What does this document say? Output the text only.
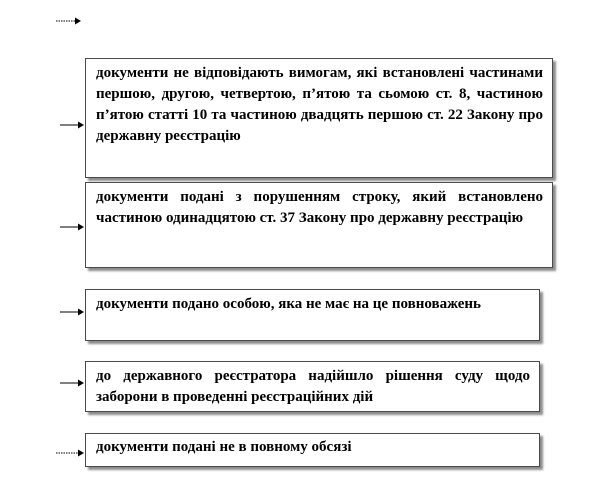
документи не відповідають вимогам, які встановлені частинами першою, другою, четвертою, п’ятою та сьомою ст. 8, частиною п’ятою статті 10 та частиною двадцять першою ст. 22 Закону про державну реєстрацію
документи подані з порушенням строку, який встановлено частиною одинадцятою ст. 37 Закону про державну реєстрацію
документи подано особою, яка не має на це повноважень
до державного реєстратора надійшло рішення суду щодо заборони в проведенні реєстраційних дій
документи подані не в повному обсязі
